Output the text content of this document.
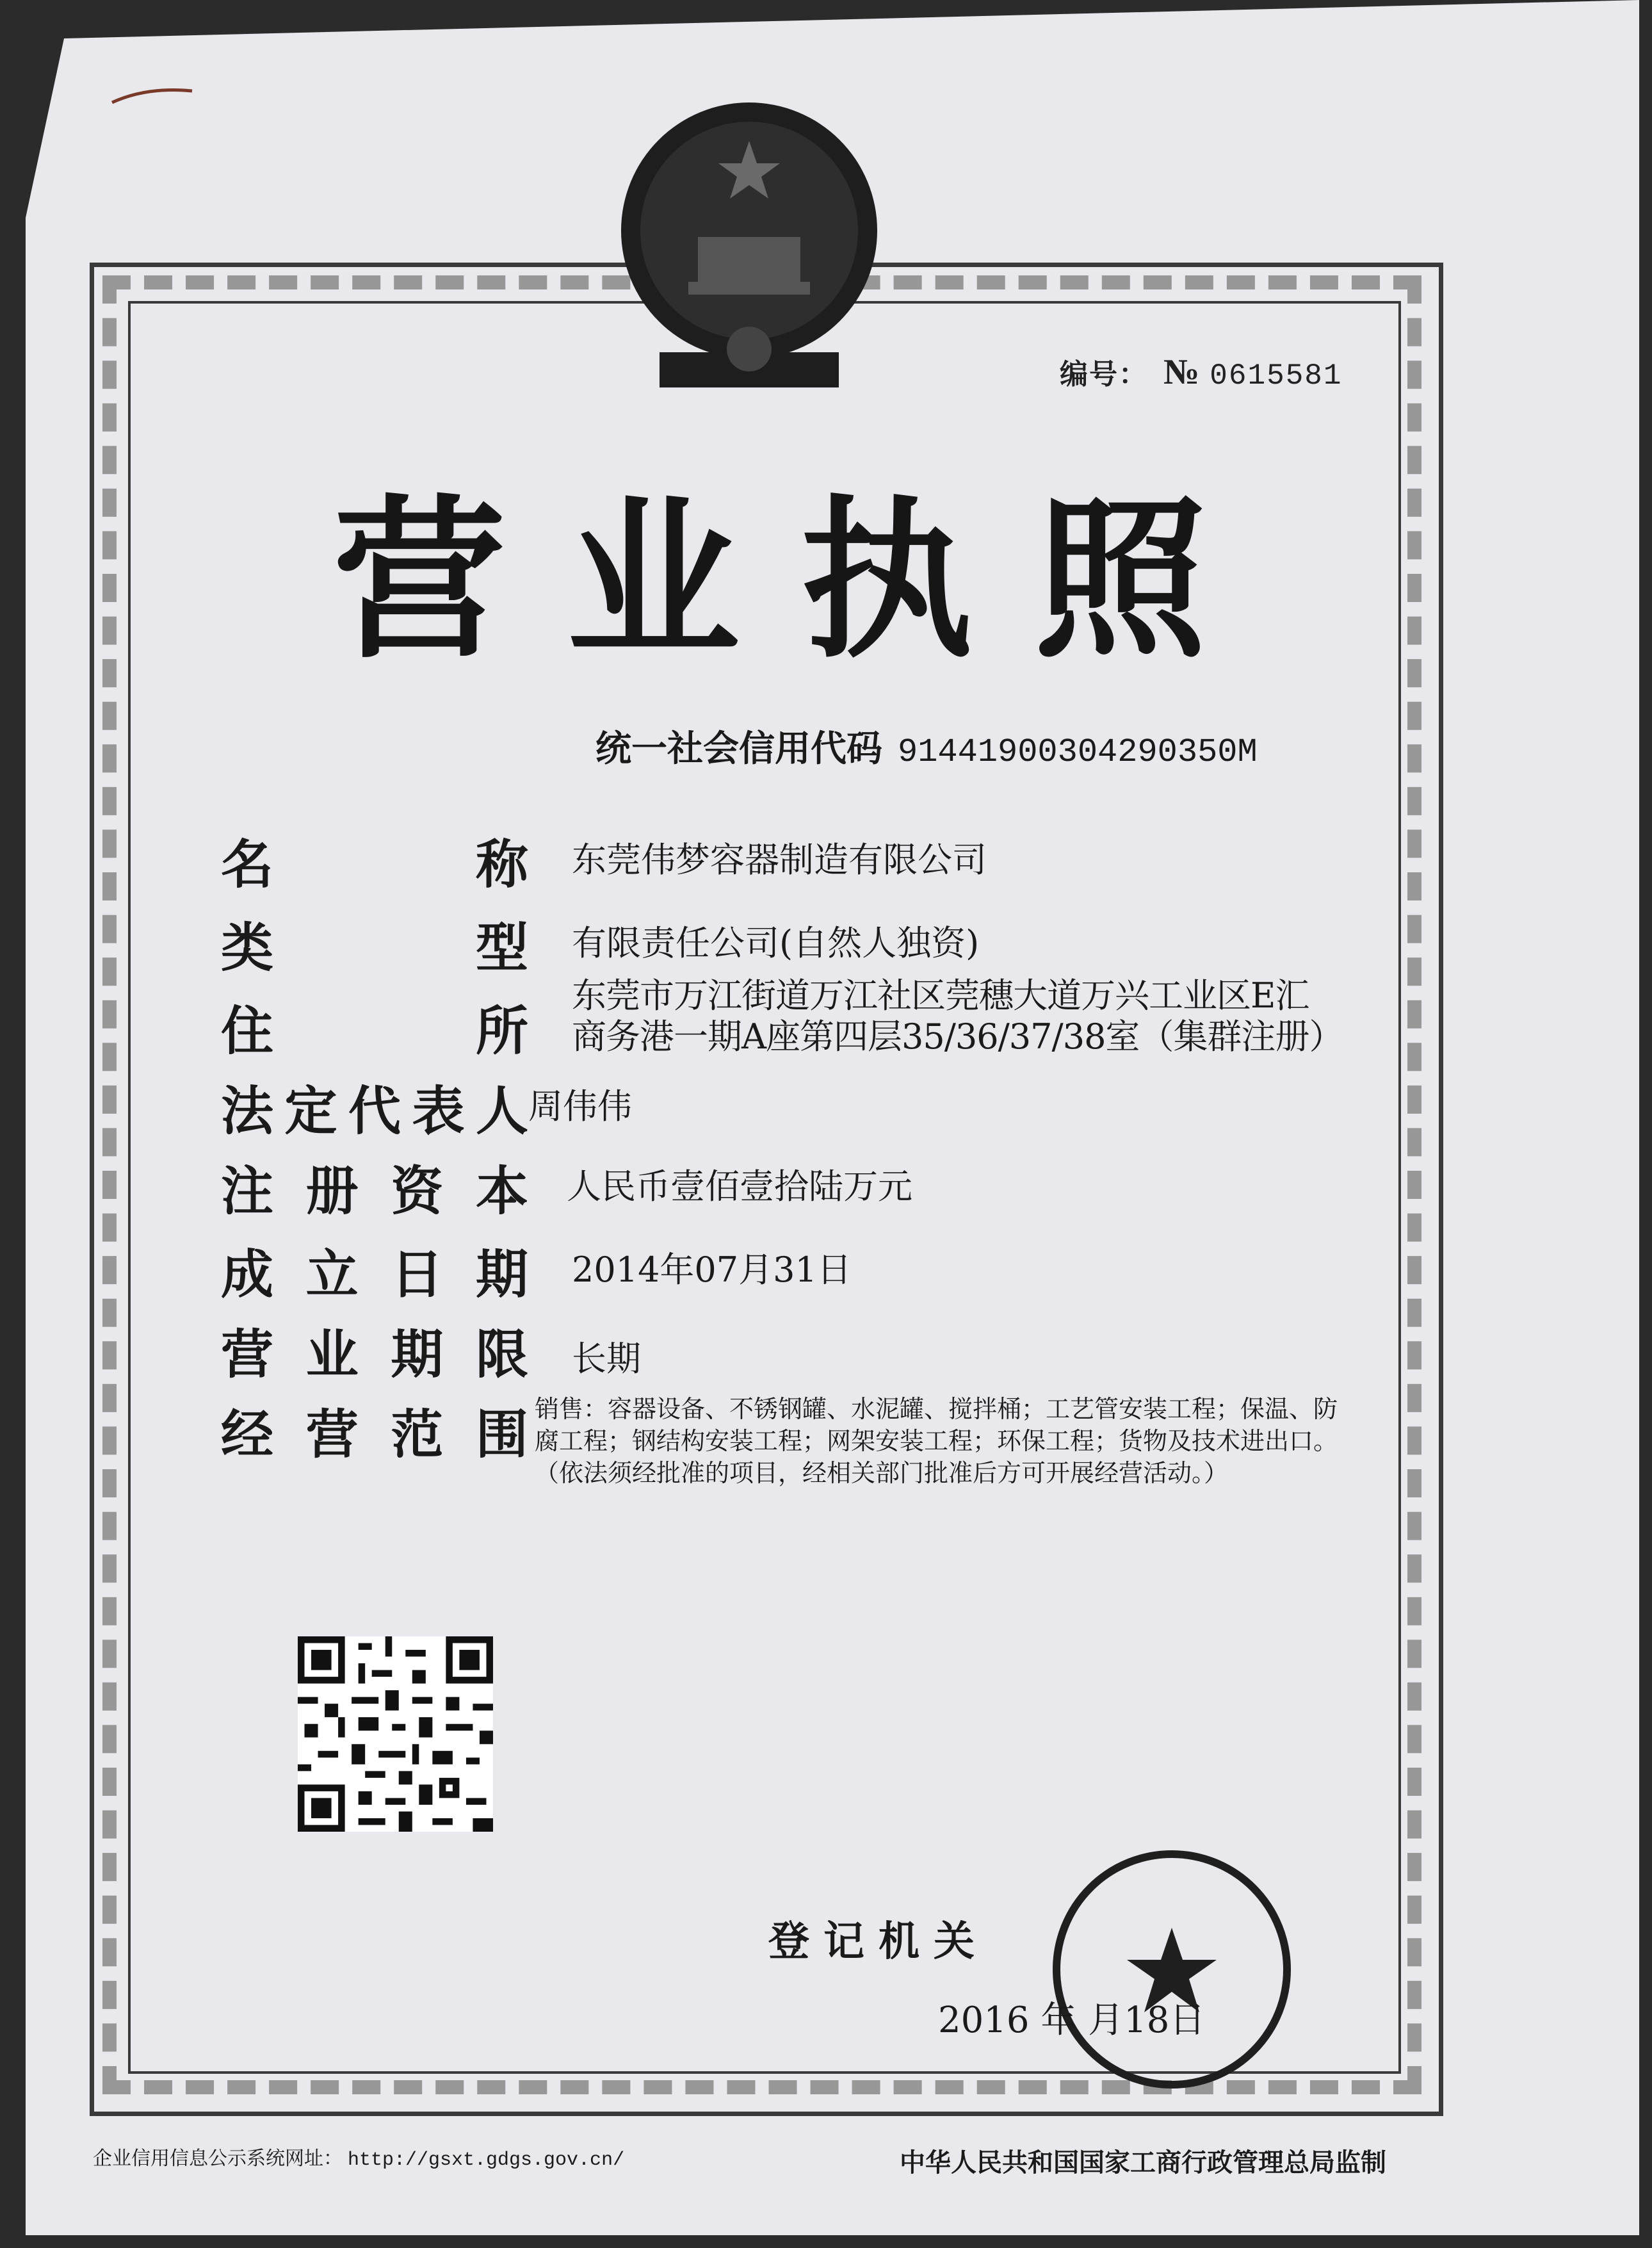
编号： № 0615581
营业执照
统一社会信用代码 91441900304290350M
名称 东莞伟梦容器制造有限公司
类型 有限责任公司(自然人独资)
住所
东莞市万江街道万江社区莞穗大道万兴工业区E汇商务港一期A座第四层35/36/37/38室（集群注册）
法定代表人 周伟伟
注册资本 人民币壹佰壹拾陆万元
成立日期 2014年07月31日
营业期限 长期
经营范围 销售：容器设备、不锈钢罐、水泥罐、搅拌桶；工艺管安装工程；保温、防腐工程；钢结构安装工程；网架安装工程；环保工程；货物及技术进出口。（依法须经批准的项目，经相关部门批准后方可开展经营活动。）
登记机关
2016 年 月18日
企业信用信息公示系统网址： http://gsxt.gdgs.gov.cn/	中华人民共和国国家工商行政管理总局监制
